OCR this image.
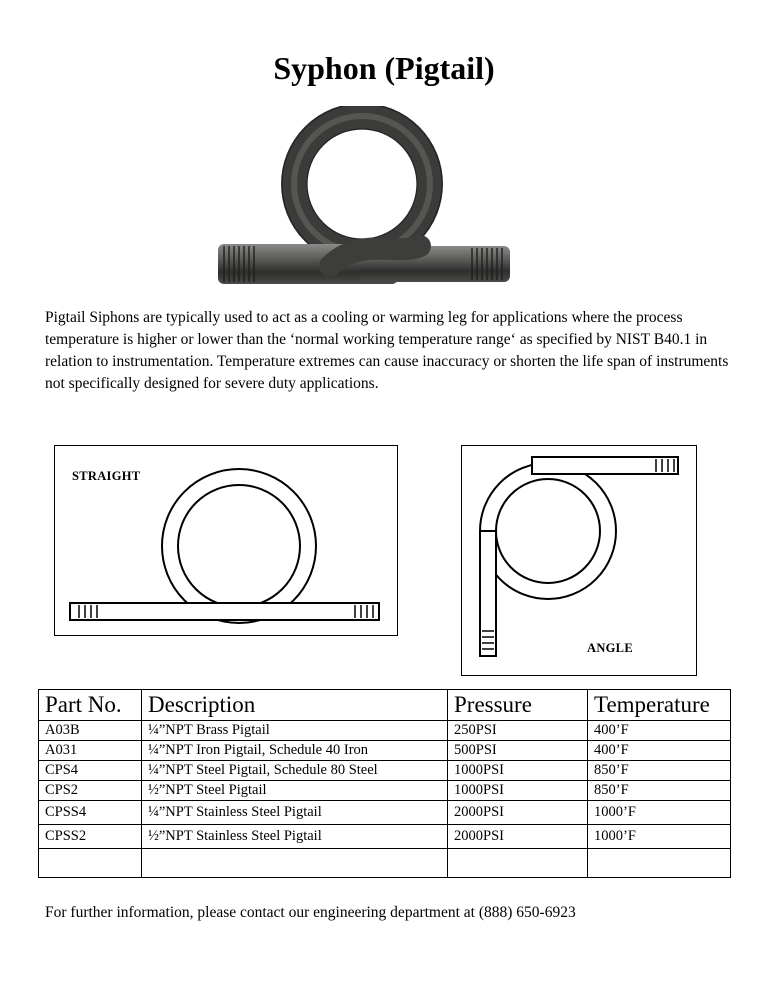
Syphon (Pigtail)
Pigtail Siphons are typically used to act as a cooling or warming leg for applications where the process temperature is higher or lower than the ‘normal working temperature range‘ as specified by NIST B40.1 in relation to instrumentation. Temperature extremes can cause inaccuracy or shorten the life span of instruments not specifically designed for severe duty applications.
STRAIGHT
ANGLE
Part No.	Description	Pressure	Temperature
A03B	¼”NPT Brass Pigtail	250PSI	400’F
A031	¼”NPT Iron Pigtail, Schedule 40 Iron	500PSI	400’F
CPS4	¼”NPT Steel Pigtail, Schedule 80 Steel	1000PSI	850’F
CPS2	½”NPT Steel Pigtail	1000PSI	850’F
CPSS4	¼”NPT Stainless Steel Pigtail	2000PSI	1000’F
CPSS2	½”NPT Stainless Steel Pigtail	2000PSI	1000’F

For further information, please contact our engineering department at (888) 650-6923
